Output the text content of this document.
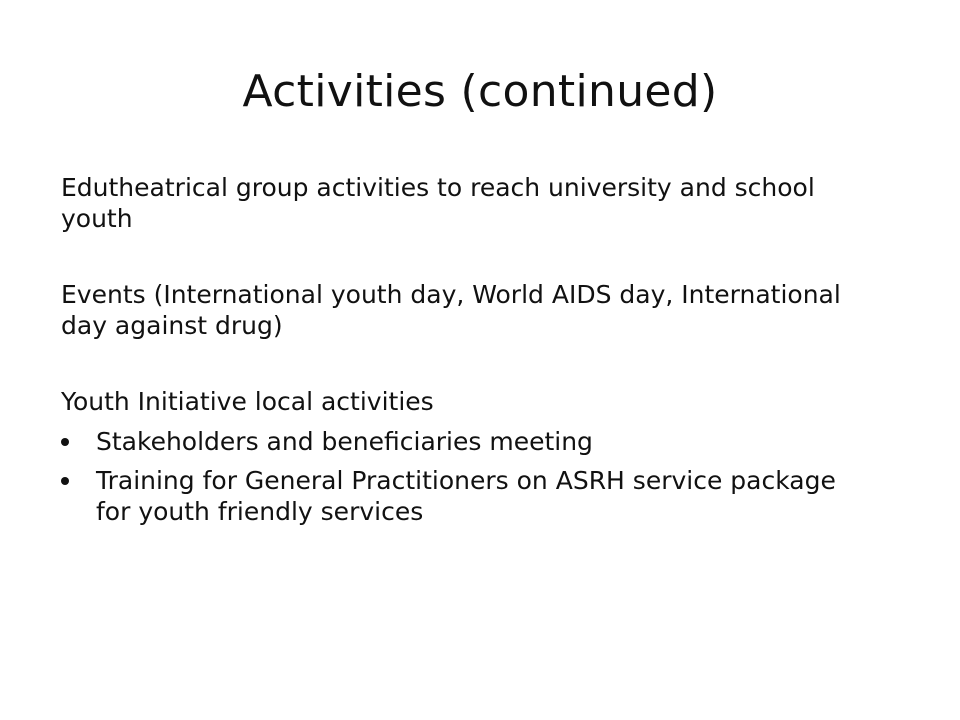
Activities (continued)

Edutheatrical group activities to reach university and school youth

Events (International youth day, World AIDS day, International day against drug)

Youth Initiative local activities

Stakeholders and beneficiaries meeting
Training for General Practitioners on ASRH service package for youth friendly services
